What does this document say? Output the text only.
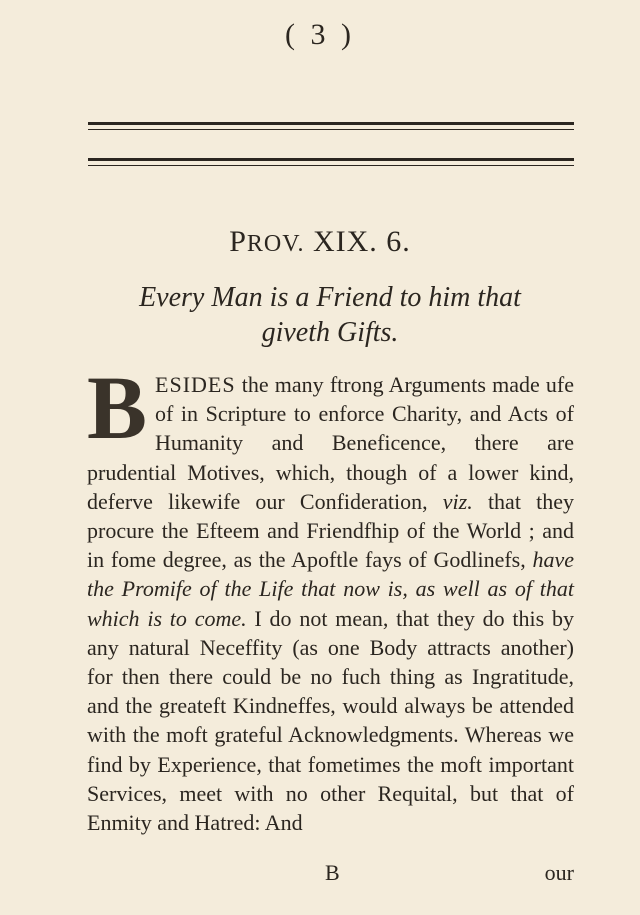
( 3 )
PROV. XIX. 6.
Every Man is a Friend to him that
giveth Gifts.
BESIDES the many ftrong Arguments made ufe of in Scripture to enforce Charity, and Acts of Humanity and Beneficence, there are prudential Motives, which, though of a lower kind, deferve likewife our Confideration, viz. that they procure the Efteem and Friendfhip of the World ; and in fome degree, as the Apoftle fays of Godlinefs, have the Promife of the Life that now is, as well as of that which is to come. I do not mean, that they do this by any natural Neceffity (as one Body attracts another) for then there could be no fuch thing as Ingratitude, and the greateft Kindneffes, would always be attended with the moft grateful Acknowledgments. Whereas we find by Experience, that fometimes the moft important Services, meet with no other Requital, but that of Enmity and Hatred: And
B	our
